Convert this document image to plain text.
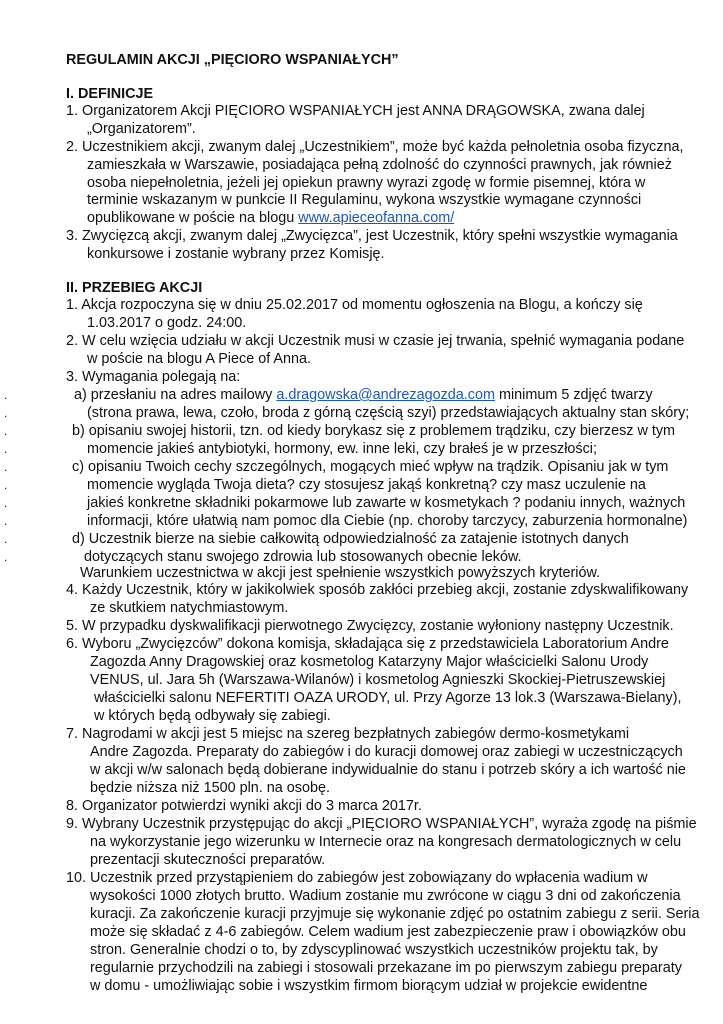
REGULAMIN AKCJI „PIĘCIORO WSPANIAŁYCH”
I. DEFINICJE
1. Organizatorem Akcji PIĘCIORO WSPANIAŁYCH jest ANNA DRĄGOWSKA, zwana dalej
„Organizatorem”.
2. Uczestnikiem akcji, zwanym dalej „Uczestnikiem”, może być każda pełnoletnia osoba fizyczna,
zamieszkała w Warszawie, posiadająca pełną zdolność do czynności prawnych, jak również
osoba niepełnoletnia, jeżeli jej opiekun prawny wyrazi zgodę w formie pisemnej, która w
terminie wskazanym w punkcie II Regulaminu, wykona wszystkie wymagane czynności
opublikowane w poście na blogu www.apieceofanna.com/
3. Zwycięzcą akcji, zwanym dalej „Zwycięzca”, jest Uczestnik, który spełni wszystkie wymagania
konkursowe i zostanie wybrany przez Komisję.
II. PRZEBIEG AKCJI
1. Akcja rozpoczyna się w dniu 25.02.2017 od momentu ogłoszenia na Blogu, a kończy się
1.03.2017 o godz. 24:00.
2. W celu wzięcia udziału w akcji Uczestnik musi w czasie jej trwania, spełnić wymagania podane
w poście na blogu A Piece of Anna.
3. Wymagania polegają na:
a) przesłaniu na adres mailowy a.dragowska@andrezagozda.com minimum 5 zdjęć twarzy
(strona prawa, lewa, czoło, broda z górną częścią szyi) przedstawiających aktualny stan skóry;
b) opisaniu swojej historii, tzn. od kiedy borykasz się z problemem trądziku, czy bierzesz w tym
momencie jakieś antybiotyki, hormony, ew. inne leki, czy brałeś je w przeszłości;
c) opisaniu Twoich cechy szczególnych, mogących mieć wpływ na trądzik. Opisaniu jak w tym
momencie wygląda Twoja dieta? czy stosujesz jakąś konkretną? czy masz uczulenie na
jakieś konkretne składniki pokarmowe lub zawarte w kosmetykach ? podaniu innych, ważnych
informacji, które ułatwią nam pomoc dla Ciebie (np. choroby tarczycy, zaburzenia hormonalne)
d) Uczestnik bierze na siebie całkowitą odpowiedzialność za zatajenie istotnych danych
dotyczących stanu swojego zdrowia lub stosowanych obecnie leków.
Warunkiem uczestnictwa w akcji jest spełnienie wszystkich powyższych kryteriów.
4. Każdy Uczestnik, który w jakikolwiek sposób zakłóci przebieg akcji, zostanie zdyskwalifikowany
ze skutkiem natychmiastowym.
5. W przypadku dyskwalifikacji pierwotnego Zwycięzcy, zostanie wyłoniony następny Uczestnik.
6. Wyboru „Zwycięzców” dokona komisja, składająca się z przedstawiciela Laboratorium Andre
Zagozda Anny Dragowskiej oraz kosmetolog Katarzyny Major właścicielki Salonu Urody
VENUS, ul. Jara 5h (Warszawa-Wilanów) i kosmetolog Agnieszki Skockiej-Pietruszewskiej
właścicielki salonu NEFERTITI OAZA URODY, ul. Przy Agorze 13 lok.3 (Warszawa-Bielany),
w których będą odbywały się zabiegi.
7. Nagrodami w akcji jest 5 miejsc na szereg bezpłatnych zabiegów dermo-kosmetykami
Andre Zagozda. Preparaty do zabiegów i do kuracji domowej oraz zabiegi w uczestniczących
w akcji w/w salonach będą dobierane indywidualnie do stanu i potrzeb skóry a ich wartość nie
będzie niższa niż 1500 pln. na osobę.
8. Organizator potwierdzi wyniki akcji do 3 marca 2017r.
9. Wybrany Uczestnik przystępując do akcji „PIĘCIORO WSPANIAŁYCH”, wyraża zgodę na piśmie
na wykorzystanie jego wizerunku w Internecie oraz na kongresach dermatologicznych w celu
prezentacji skuteczności preparatów.
10. Uczestnik przed przystąpieniem do zabiegów jest zobowiązany do wpłacenia wadium w
wysokości 1000 złotych brutto. Wadium zostanie mu zwrócone w ciągu 3 dni od zakończenia
kuracji. Za zakończenie kuracji przyjmuje się wykonanie zdjęć po ostatnim zabiegu z serii. Seria
może się składać z 4-6 zabiegów. Celem wadium jest zabezpieczenie praw i obowiązków obu
stron. Generalnie chodzi o to, by zdyscyplinować wszystkich uczestników projektu tak, by
regularnie przychodzili na zabiegi i stosowali przekazane im po pierwszym zabiegu preparaty
w domu - umożliwiając sobie i wszystkim firmom biorącym udział w projekcie ewidentne
.
.
.
.
.
.
.
.
.
.
